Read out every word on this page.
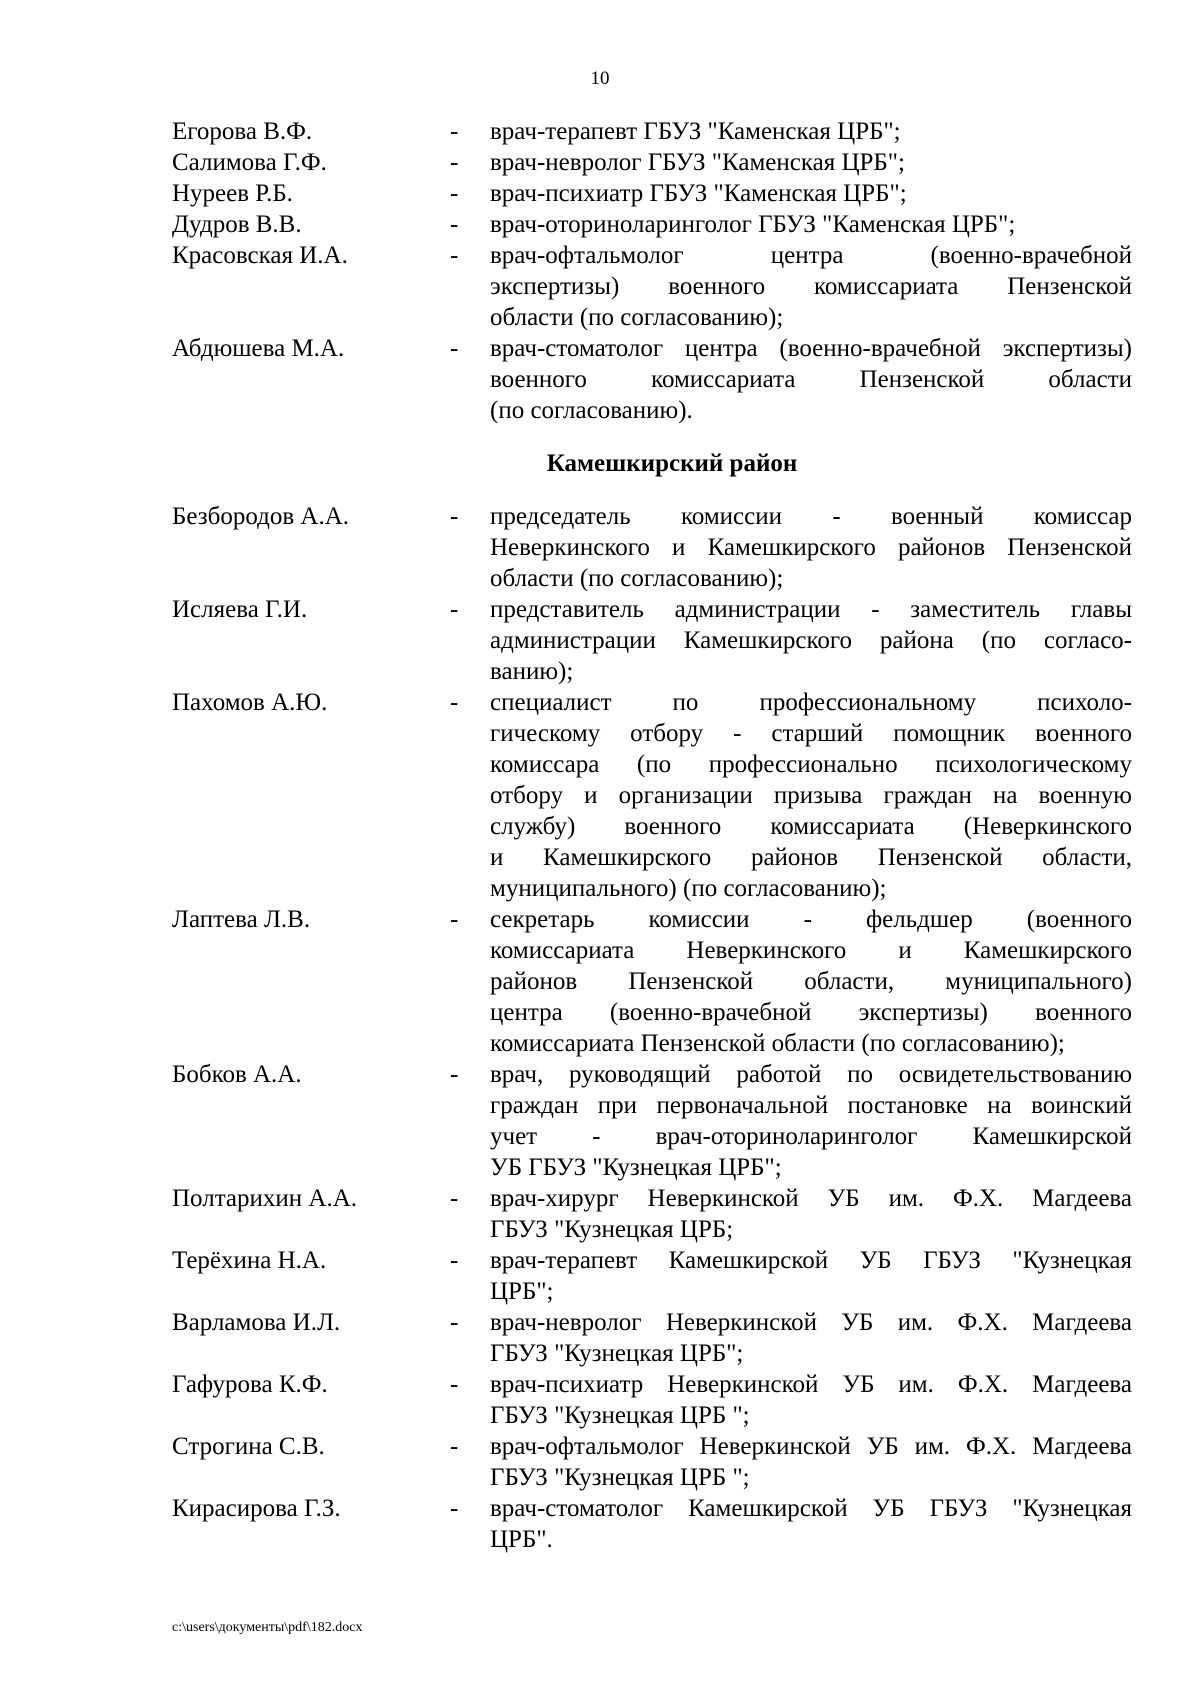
10
Егорова В.Ф.	-	врач-терапевт ГБУЗ "Каменская ЦРБ";
Салимова Г.Ф.	-	врач-невролог ГБУЗ "Каменская ЦРБ";
Нуреев Р.Б.	-	врач-психиатр ГБУЗ "Каменская ЦРБ";
Дудров В.В.	-	врач-оториноларинголог ГБУЗ "Каменская ЦРБ";
Красовская И.А.	-	врач-офтальмолог центра (военно-врачебной
экспертизы) военного комиссариата Пензенской
области (по согласованию);
Абдюшева М.А.	-	врач-стоматолог центра (военно-врачебной экспертизы)
военного комиссариата Пензенской области
(по согласованию).
Камешкирский район
Безбородов А.А.	-	председатель комиссии - военный комиссар
Неверкинского и Камешкирского районов Пензенской
области (по согласованию);
Исляева Г.И.	-	представитель администрации - заместитель главы
администрации Камешкирского района (по согласо-
ванию);
Пахомов А.Ю.	-	специалист по профессиональному психоло-
гическому отбору - старший помощник военного
комиссара (по профессионально психологическому
отбору и организации призыва граждан на военную
службу) военного комиссариата (Неверкинского
и Камешкирского районов Пензенской области,
муниципального) (по согласованию);
Лаптева Л.В.	-	секретарь комиссии - фельдшер (военного
комиссариата Неверкинского и Камешкирского
районов Пензенской области, муниципального)
центра (военно-врачебной экспертизы) военного
комиссариата Пензенской области (по согласованию);
Бобков А.А.	-	врач, руководящий работой по освидетельствованию
граждан при первоначальной постановке на воинский
учет - врач-оториноларинголог Камешкирской
УБ ГБУЗ "Кузнецкая ЦРБ";
Полтарихин А.А.	-	врач-хирург Неверкинской УБ им. Ф.Х. Магдеева
ГБУЗ "Кузнецкая ЦРБ;
Терёхина Н.А.	-	врач-терапевт Камешкирской УБ ГБУЗ "Кузнецкая
ЦРБ";
Варламова И.Л.	-	врач-невролог Неверкинской УБ им. Ф.Х. Магдеева
ГБУЗ "Кузнецкая ЦРБ";
Гафурова К.Ф.	-	врач-психиатр Неверкинской УБ им. Ф.Х. Магдеева
ГБУЗ "Кузнецкая ЦРБ ";
Строгина С.В.	-	врач-офтальмолог Неверкинской УБ им. Ф.Х. Магдеева
ГБУЗ "Кузнецкая ЦРБ ";
Кирасирова Г.З.	-	врач-стоматолог Камешкирской УБ ГБУЗ "Кузнецкая
ЦРБ".
c:\users\документы\pdf\182.docx
